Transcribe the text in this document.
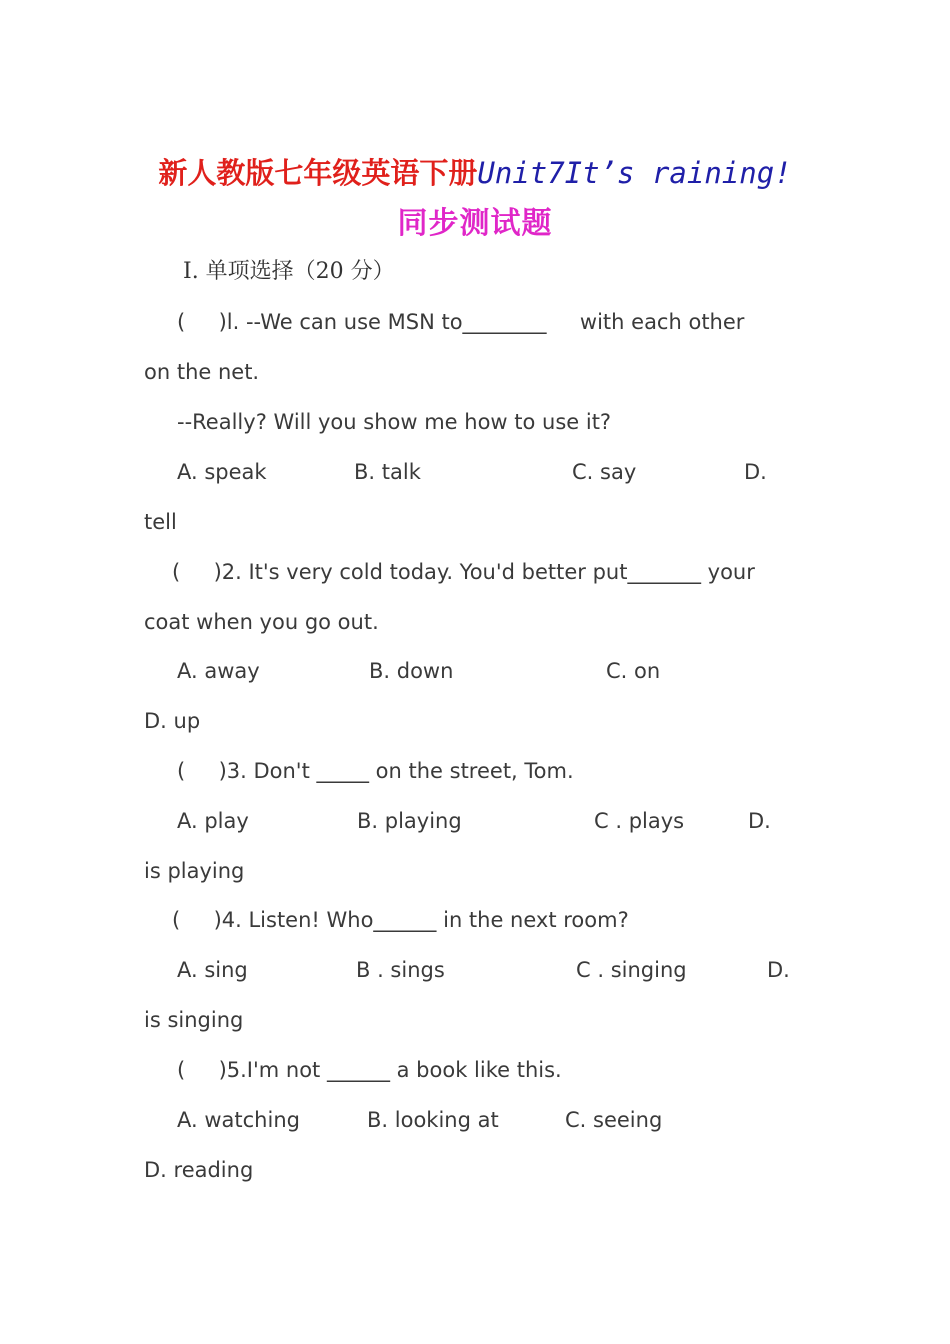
新人教版七年级英语下册Unit7It’s raining!
同步测试题
Ⅰ. 单项选择（20 分）
(     )l. --We can use MSN to________     with each other
on the net.
--Really? Will you show me how to use it?
A. speak	B. talk	C. say	D.
tell
(     )2. It's very cold today. You'd better put_______ your
coat when you go out.
A. away	B. down	C. on
D. up
(     )3. Don't _____ on the street, Tom.
A. play	B. playing	C . plays	D.
is playing
(     )4. Listen! Who______ in the next room?
A. sing	B . sings	C . singing	D.
is singing
(     )5.I'm not ______ a book like this.
A. watching	B. looking at	C. seeing
D. reading
